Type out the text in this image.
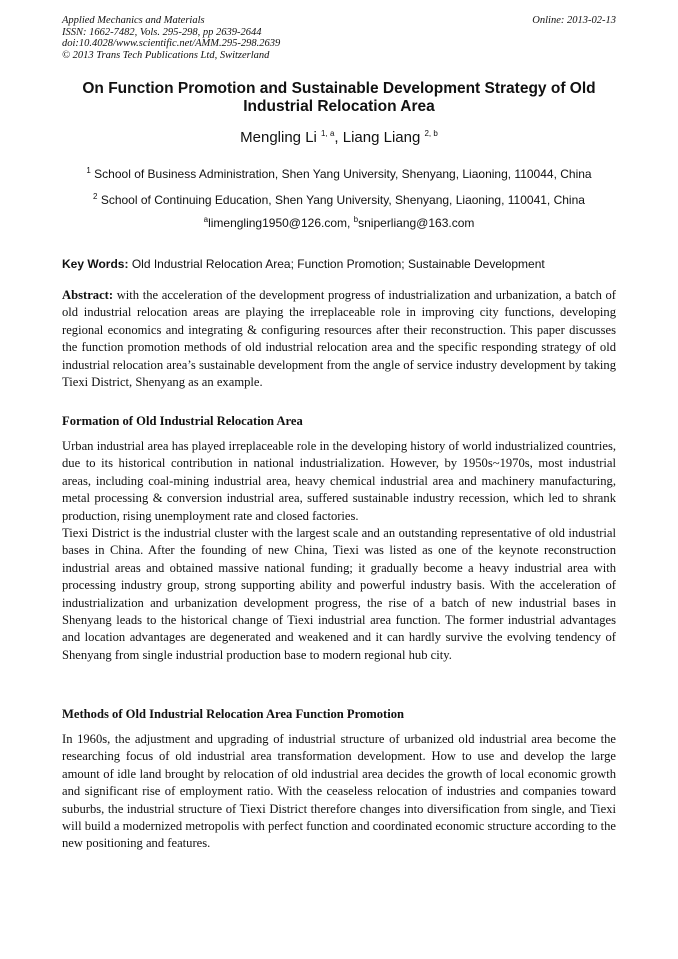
Applied Mechanics and Materials
ISSN: 1662-7482, Vols. 295-298, pp 2639-2644
doi:10.4028/www.scientific.net/AMM.295-298.2639
© 2013 Trans Tech Publications Ltd, Switzerland
Online: 2013-02-13
On Function Promotion and Sustainable Development Strategy of Old Industrial Relocation Area
Mengling Li $^{1, a}$, Liang Liang $^{2, b}$
$^1$ School of Business Administration, Shen Yang University, Shenyang, Liaoning, 110044, China
$^2$ School of Continuing Education, Shen Yang University, Shenyang, Liaoning, 110041, China
$^a$limengling1950@126.com, $^b$sniperliang@163.com
Key Words: Old Industrial Relocation Area; Function Promotion; Sustainable Development

Abstract: with the acceleration of the development progress of industrialization and urbanization, a batch of old industrial relocation areas are playing the irreplaceable role in improving city functions, developing regional economics and integrating & configuring resources after their reconstruction. This paper discusses the function promotion methods of old industrial relocation area and the specific responding strategy of old industrial relocation area’s sustainable development from the angle of service industry development by taking Tiexi District, Shenyang as an example.

Formation of Old Industrial Relocation Area

Urban industrial area has played irreplaceable role in the developing history of world industrialized countries, due to its historical contribution in national industrialization. However, by 1950s~1970s, most industrial areas, including coal-mining industrial area, heavy chemical industrial area and machinery manufacturing, metal processing & conversion industrial area, suffered sustainable industry recession, which led to shrank production, rising unemployment rate and closed factories.

Tiexi District is the industrial cluster with the largest scale and an outstanding representative of old industrial bases in China. After the founding of new China, Tiexi was listed as one of the keynote reconstruction industrial areas and obtained massive national funding; it gradually become a heavy industrial area with processing industry group, strong supporting ability and powerful industry basis. With the acceleration of industrialization and urbanization development progress, the rise of a batch of new industrial bases in Shenyang leads to the historical change of Tiexi industrial area function. The former industrial advantages and location advantages are degenerated and weakened and it can hardly survive the evolving tendency of Shenyang from single industrial production base to modern regional hub city.

Methods of Old Industrial Relocation Area Function Promotion

In 1960s, the adjustment and upgrading of industrial structure of urbanized old industrial area become the researching focus of old industrial area transformation development. How to use and develop the large amount of idle land brought by relocation of old industrial area decides the growth of local economic growth and significant rise of employment ratio. With the ceaseless relocation of industries and companies toward suburbs, the industrial structure of Tiexi District therefore changes into diversification from single, and Tiexi will build a modernized metropolis with perfect function and coordinated economic structure according to the new positioning and features.
